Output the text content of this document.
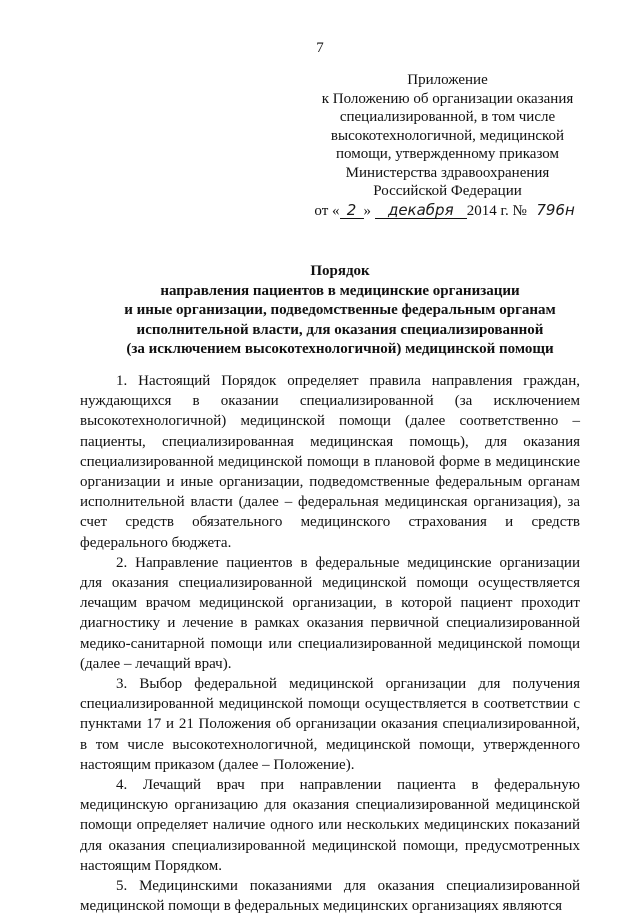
7
Приложение
к Положению об организации оказания
специализированной, в том числе
высокотехнологичной, медицинской
помощи, утвержденному приказом
Министерства здравоохранения
Российской Федерации
от « 2 » декабря 2014 г. № 796н
Порядок
направления пациентов в медицинские организации
и иные организации, подведомственные федеральным органам
исполнительной власти, для оказания специализированной
(за исключением высокотехнологичной) медицинской помощи

1. Настоящий Порядок определяет правила направления граждан, нуждающихся в оказании специализированной (за исключением высокотехнологичной) медицинской помощи (далее соответственно – пациенты, специализированная медицинская помощь), для оказания специализированной медицинской помощи в плановой форме в медицинские организации и иные организации, подведомственные федеральным органам исполнительной власти (далее – федеральная медицинская организация), за счет средств обязательного медицинского страхования и средств федерального бюджета.

2. Направление пациентов в федеральные медицинские организации для оказания специализированной медицинской помощи осуществляется лечащим врачом медицинской организации, в которой пациент проходит диагностику и лечение в рамках оказания первичной специализированной медико-санитарной помощи или специализированной медицинской помощи (далее – лечащий врач).

3. Выбор федеральной медицинской организации для получения специализированной медицинской помощи осуществляется в соответствии с пунктами 17 и 21 Положения об организации оказания специализированной, в том числе высокотехнологичной, медицинской помощи, утвержденного настоящим приказом (далее – Положение).

4. Лечащий врач при направлении пациента в федеральную медицинскую организацию для оказания специализированной медицинской помощи определяет наличие одного или нескольких медицинских показаний для оказания специализированной медицинской помощи, предусмотренных настоящим Порядком.

5. Медицинскими показаниями для оказания специализированной медицинской помощи в федеральных медицинских организациях являются
